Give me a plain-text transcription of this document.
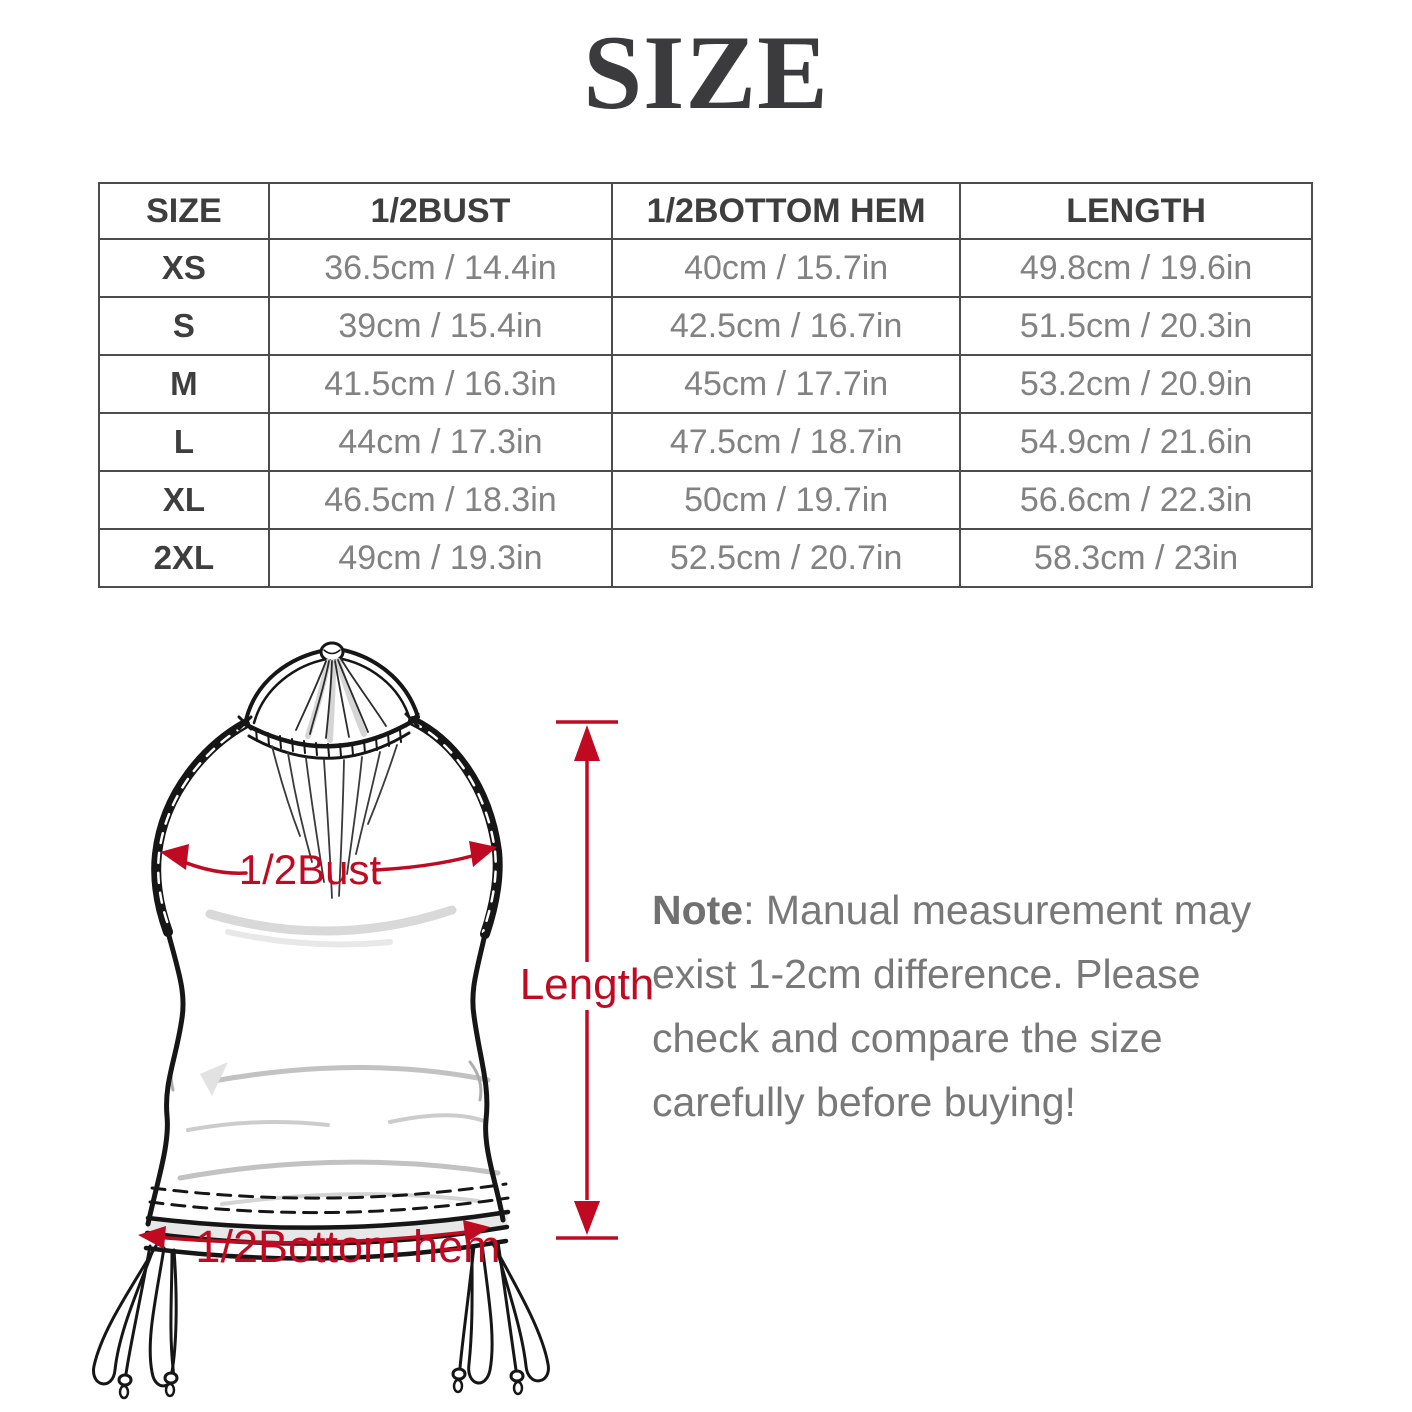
SIZE
SIZE	1/2BUST	1/2BOTTOM HEM	LENGTH
XS	36.5cm / 14.4in	40cm / 15.7in	49.8cm / 19.6in
S	39cm / 15.4in	42.5cm / 16.7in	51.5cm / 20.3in
M	41.5cm / 16.3in	45cm / 17.7in	53.2cm / 20.9in
L	44cm / 17.3in	47.5cm / 18.7in	54.9cm / 21.6in
XL	46.5cm / 18.3in	50cm / 19.7in	56.6cm / 22.3in
2XL	49cm / 19.3in	52.5cm / 20.7in	58.3cm / 23in
1/2Bust
Length
1/2Bottom hem

Note: Manual measurement may exist 1-2cm difference. Please check and compare the size carefully before buying!
